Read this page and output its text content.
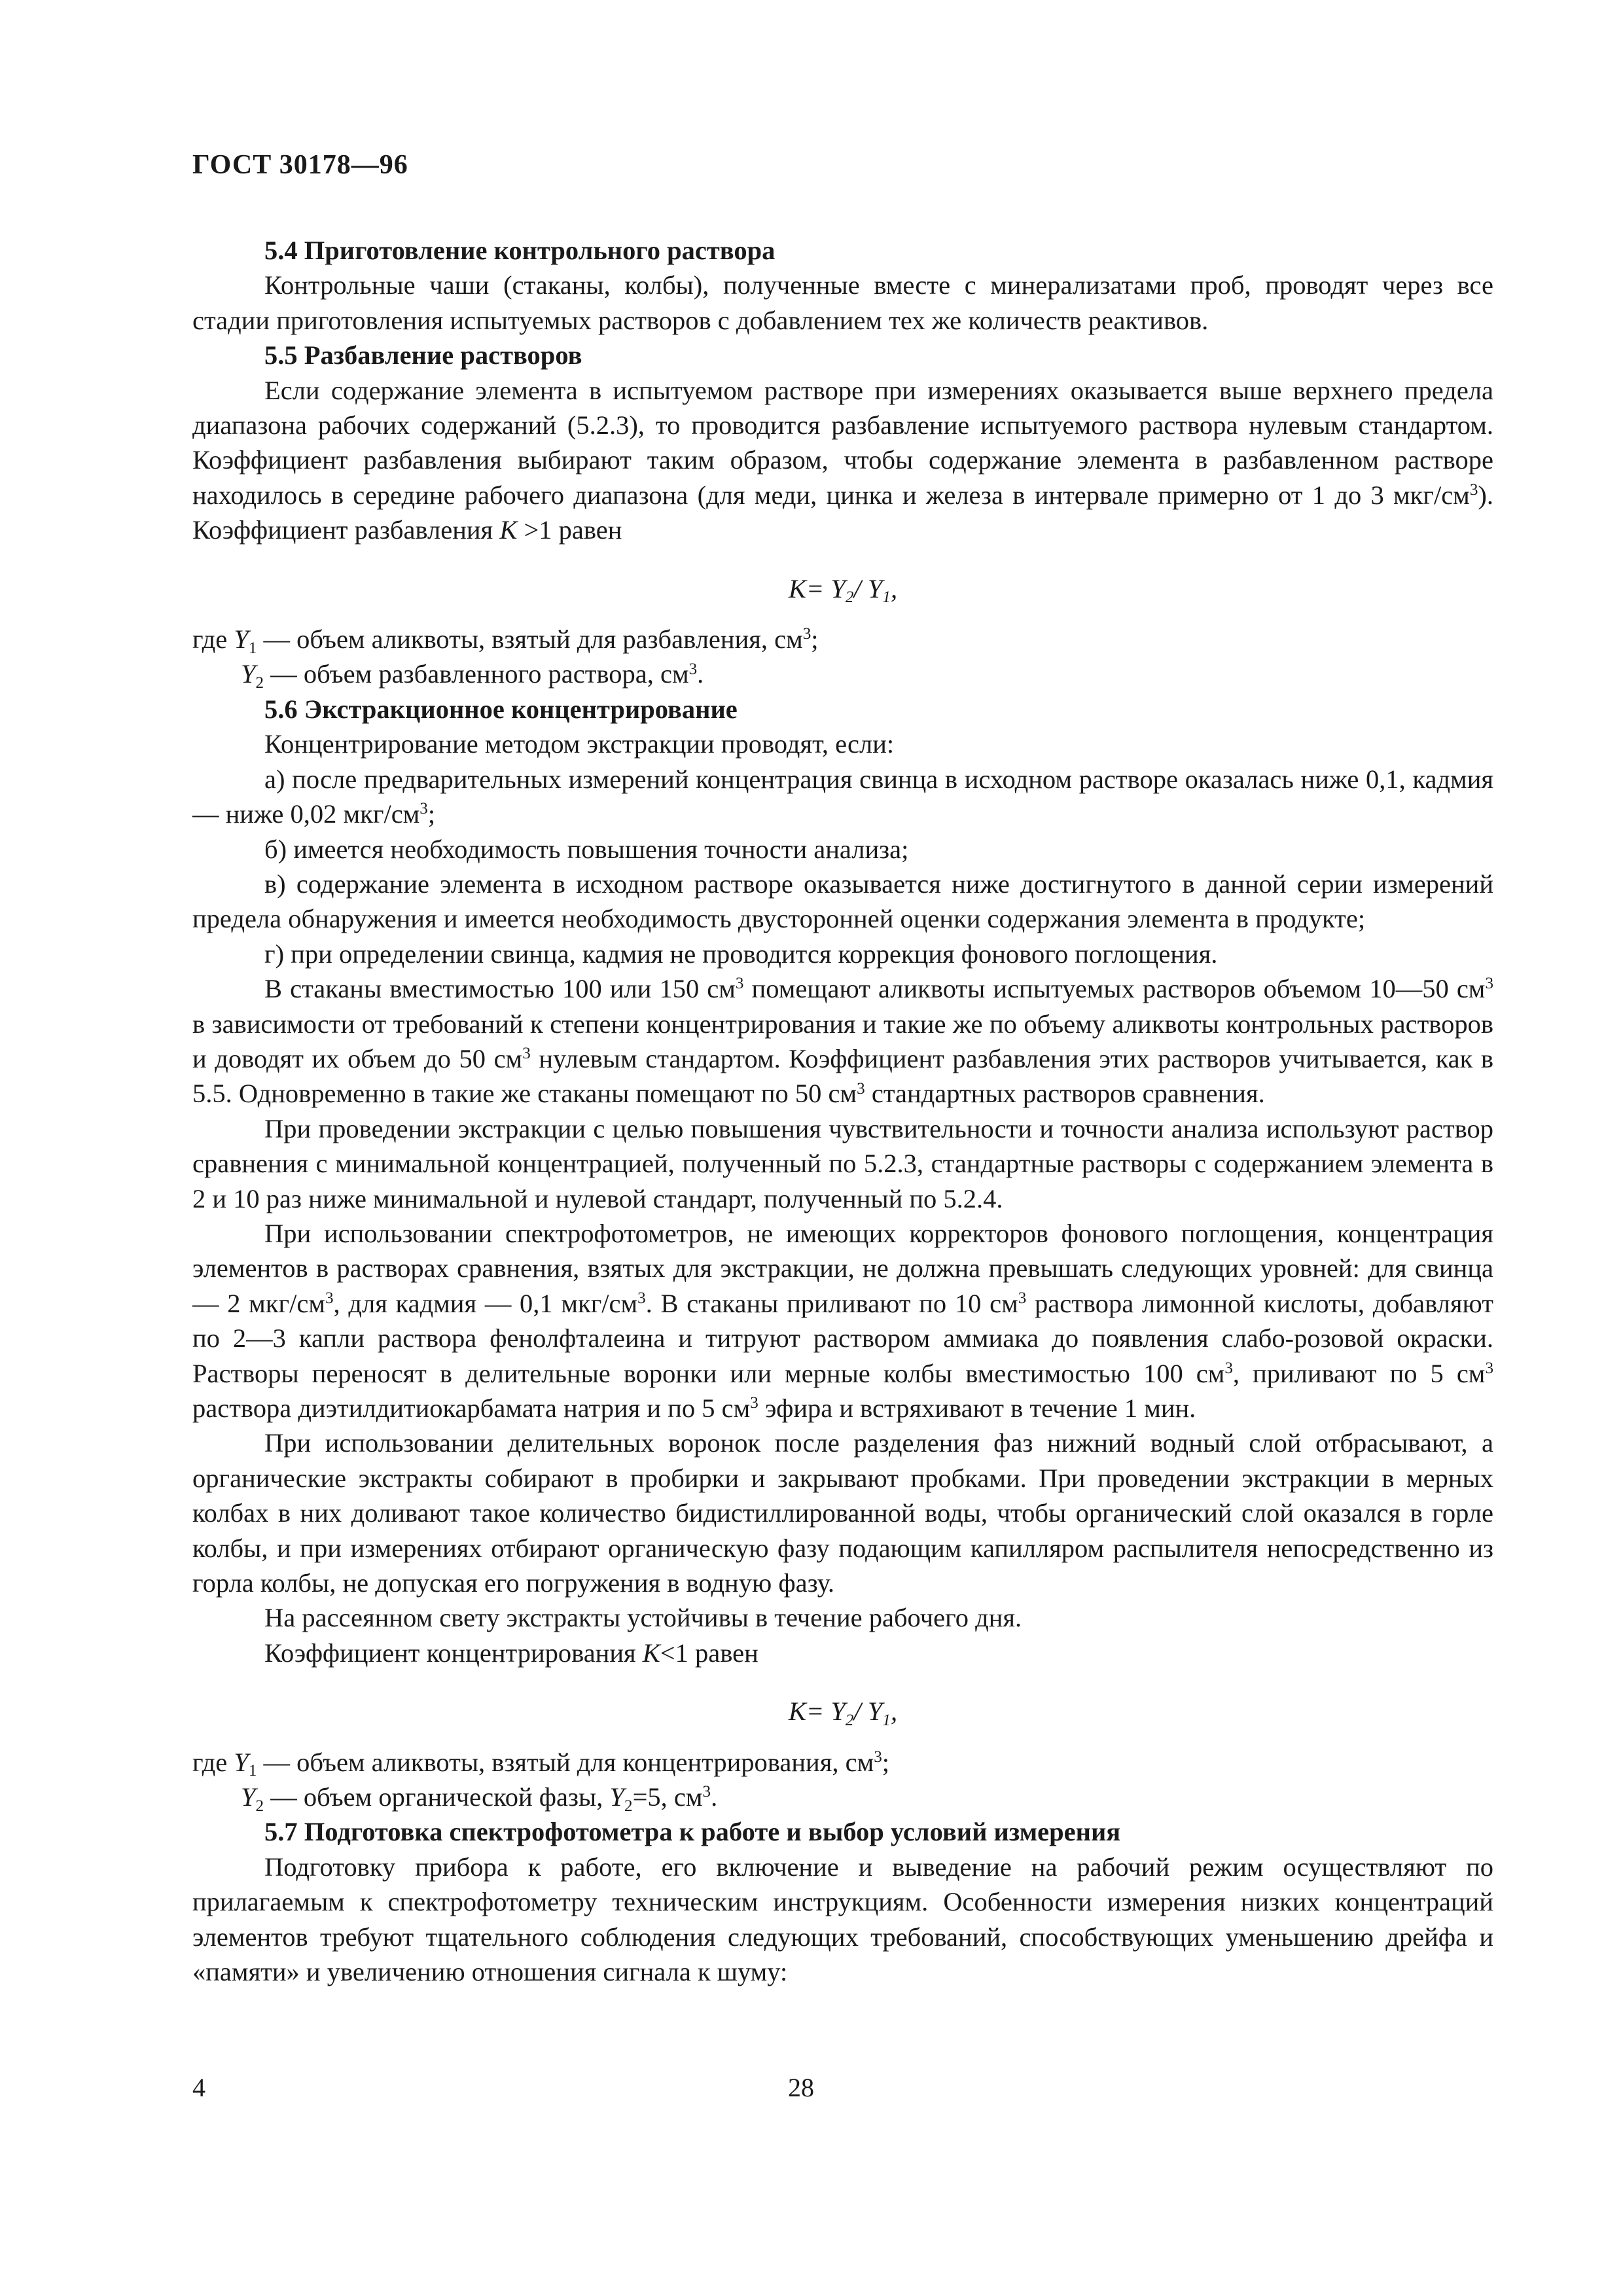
ГОСТ 30178—96

5.4 Приготовление контрольного раствора

Контрольные чаши (стаканы, колбы), полученные вместе с минерализатами проб, проводят через все стадии приготовления испытуемых растворов с добавлением тех же количеств реактивов.

5.5 Разбавление растворов

Если содержание элемента в испытуемом растворе при измерениях оказывается выше верхнего предела диапазона рабочих содержаний (5.2.3), то проводится разбавление испытуемого раствора нулевым стандартом. Коэффициент разбавления выбирают таким образом, чтобы содержание элемента в разбавленном растворе находилось в середине рабочего диапазона (для меди, цинка и железа в интервале примерно от 1 до 3 мкг/$см^3$). Коэффициент разбавления K >1 равен

$K= Y_2/$ $Y_1$,

где $Y_1$ — объем аликвоты, взятый для разбавления, $см^3$;

$Y_2$ — объем разбавленного раствора, $см^3$.

5.6 Экстракционное концентрирование

Концентрирование методом экстракции проводят, если:

а) после предварительных измерений концентрация свинца в исходном растворе оказалась ниже 0,1, кадмия — ниже 0,02 мкг/$см^3$;

б) имеется необходимость повышения точности анализа;

в) содержание элемента в исходном растворе оказывается ниже достигнутого в данной серии измерений предела обнаружения и имеется необходимость двусторонней оценки содержания элемента в продукте;

г) при определении свинца, кадмия не проводится коррекция фонового поглощения.

В стаканы вместимостью 100 или 150 $см^3$ помещают аликвоты испытуемых растворов объемом 10—50 $см^3$ в зависимости от требований к степени концентрирования и такие же по объему аликвоты контрольных растворов и доводят их объем до 50 $см^3$ нулевым стандартом. Коэффициент разбавления этих растворов учитывается, как в 5.5. Одновременно в такие же стаканы помещают по 50 $см^3$ стандартных растворов сравнения.

При проведении экстракции с целью повышения чувствительности и точности анализа используют раствор сравнения с минимальной концентрацией, полученный по 5.2.3, стандартные растворы с содержанием элемента в 2 и 10 раз ниже минимальной и нулевой стандарт, полученный по 5.2.4.

При использовании спектрофотометров, не имеющих корректоров фонового поглощения, концентрация элементов в растворах сравнения, взятых для экстракции, не должна превышать следующих уровней: для свинца — 2 мкг/$см^3$, для кадмия — 0,1 мкг/$см^3$. В стаканы приливают по 10 $см^3$ раствора лимонной кислоты, добавляют по 2—3 капли раствора фенолфталеина и титруют раствором аммиака до появления слабо-розовой окраски. Растворы переносят в делительные воронки или мерные колбы вместимостью 100 $см^3$, приливают по 5 $см^3$ раствора диэтилдитиокарбамата натрия и по 5 $см^3$ эфира и встряхивают в течение 1 мин.

При использовании делительных воронок после разделения фаз нижний водный слой отбрасывают, а органические экстракты собирают в пробирки и закрывают пробками. При проведении экстракции в мерных колбах в них доливают такое количество бидистиллированной воды, чтобы органический слой оказался в горле колбы, и при измерениях отбирают органическую фазу подающим капилляром распылителя непосредственно из горла колбы, не допуская его погружения в водную фазу.

На рассеянном свету экстракты устойчивы в течение рабочего дня.

Коэффициент концентрирования K<1 равен

$K= Y_2/$ $Y_1$,

где $Y_1$ — объем аликвоты, взятый для концентрирования, $см^3$;

$Y_2$ — объем органической фазы, $Y_2=5$, $см^3$.

5.7 Подготовка спектрофотометра к работе и выбор условий измерения

Подготовку прибора к работе, его включение и выведение на рабочий режим осуществляют по прилагаемым к спектрофотометру техническим инструкциям. Особенности измерения низких концентраций элементов требуют тщательного соблюдения следующих требований, способствующих уменьшению дрейфа и «памяти» и увеличению отношения сигнала к шуму:

4	28
